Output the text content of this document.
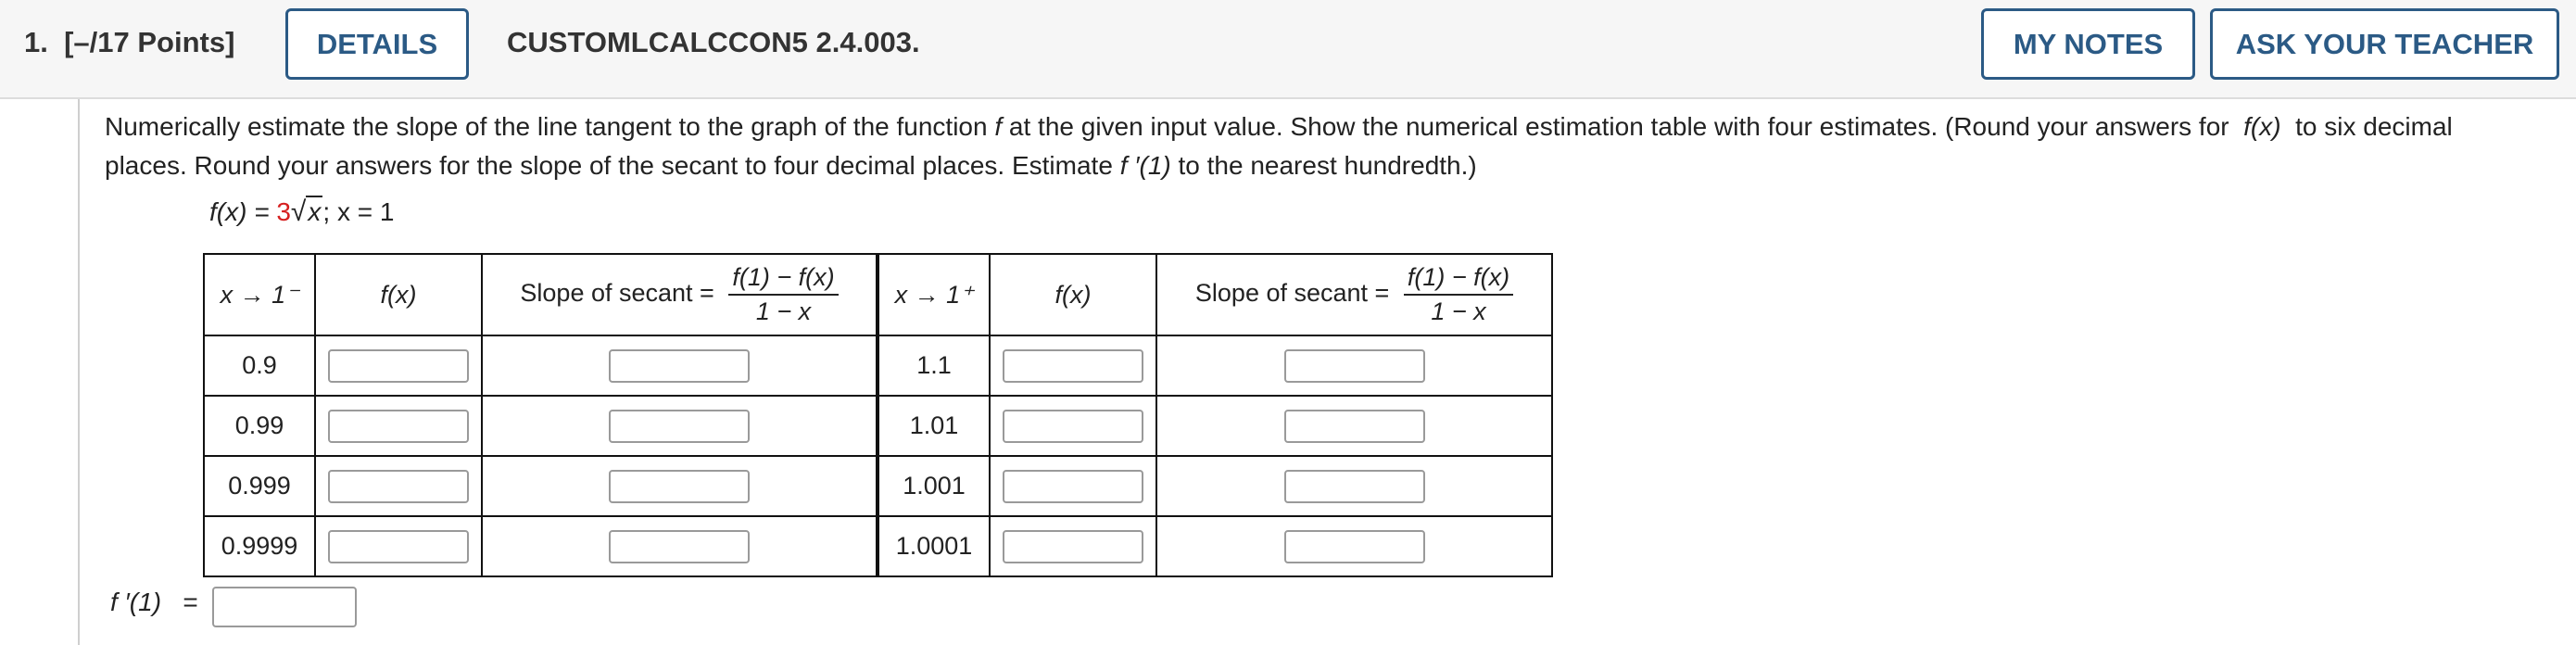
1. [–/17 Points]	DETAILS	CUSTOMLCALCCON5 2.4.003.	MY NOTES	ASK YOUR TEACHER
Numerically estimate the slope of the line tangent to the graph of the function f at the given input value. Show the numerical estimation table with four estimates. (Round your answers for f(x) to six decimal places. Round your answers for the slope of the secant to four decimal places. Estimate f ′(1) to the nearest hundredth.)
f(x) = 3√x; x = 1
x → 1⁻	f(x)	Slope of secant = $\frac{f(1) - f(x)}{1 - x}$	x → 1⁺	f(x)	Slope of secant = $\frac{f(1) - f(x)}{1 - x}$

0.9			1.1	

0.99			1.01	

0.999			1.001	

0.9999			1.0001	

f ′(1) =
